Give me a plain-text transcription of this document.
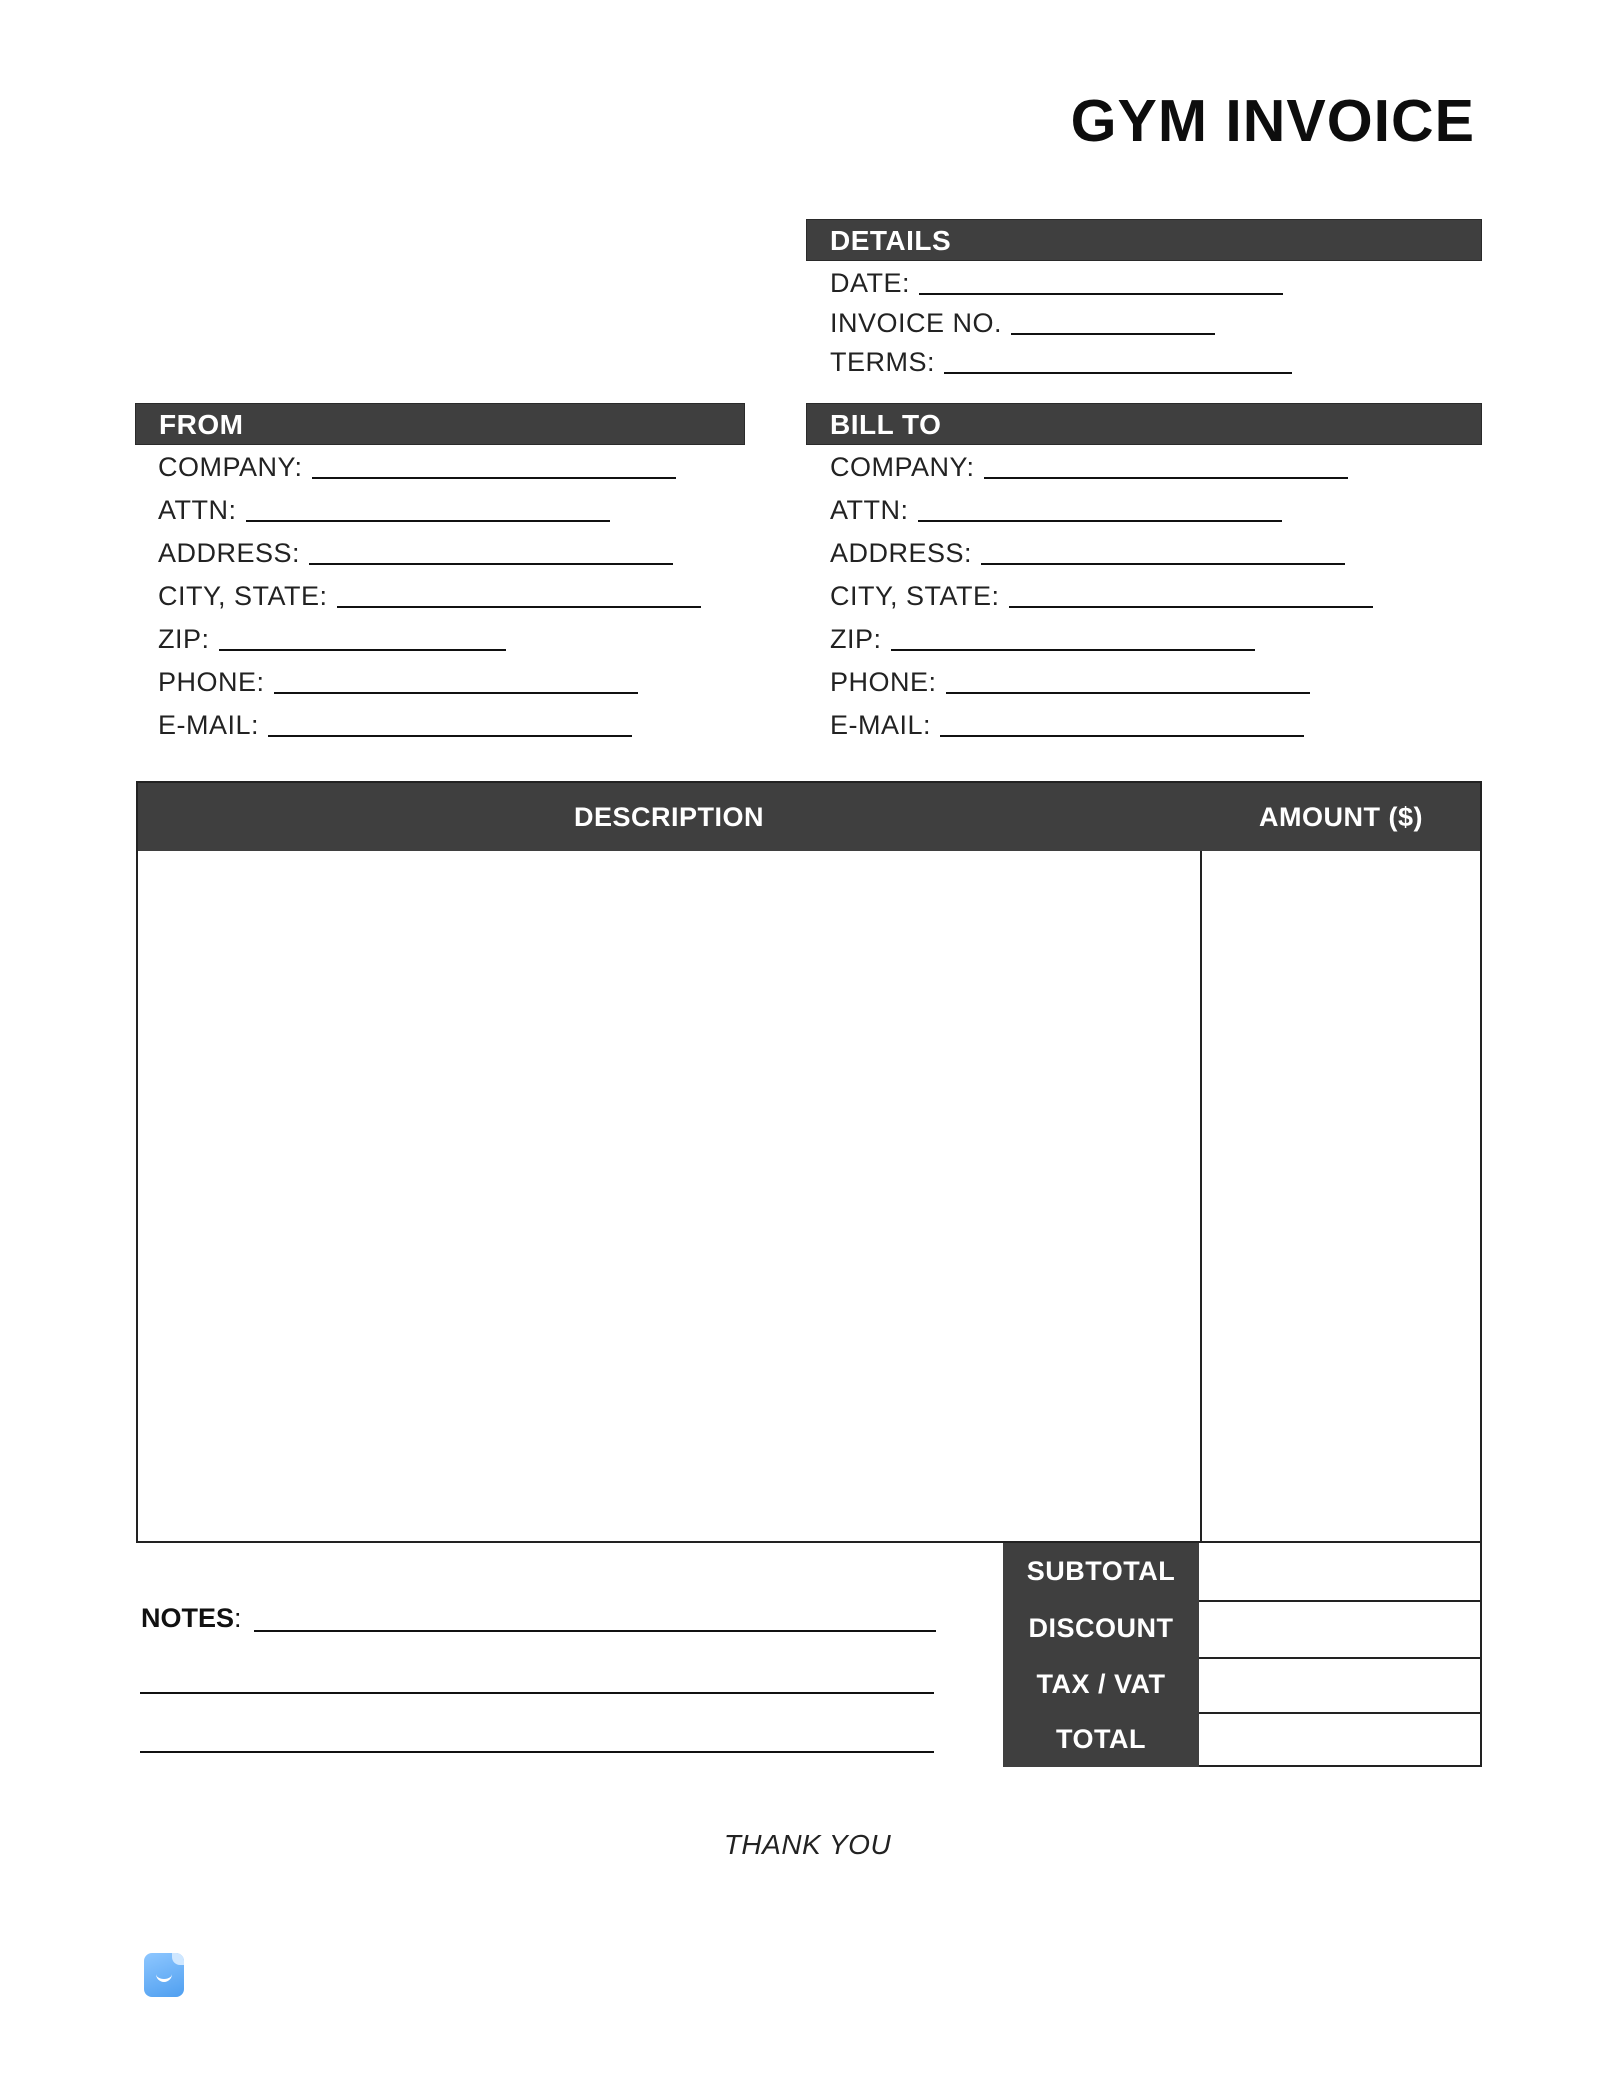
GYM INVOICE
DETAILS
DATE:
INVOICE NO.
TERMS:
FROM
COMPANY:
ATTN:
ADDRESS:
CITY, STATE:
ZIP:
PHONE:
E-MAIL:
BILL TO
COMPANY:
ATTN:
ADDRESS:
CITY, STATE:
ZIP:
PHONE:
E-MAIL:
DESCRIPTION	AMOUNT ($)
SUBTOTAL
DISCOUNT
TAX / VAT
TOTAL
NOTES:
THANK YOU
